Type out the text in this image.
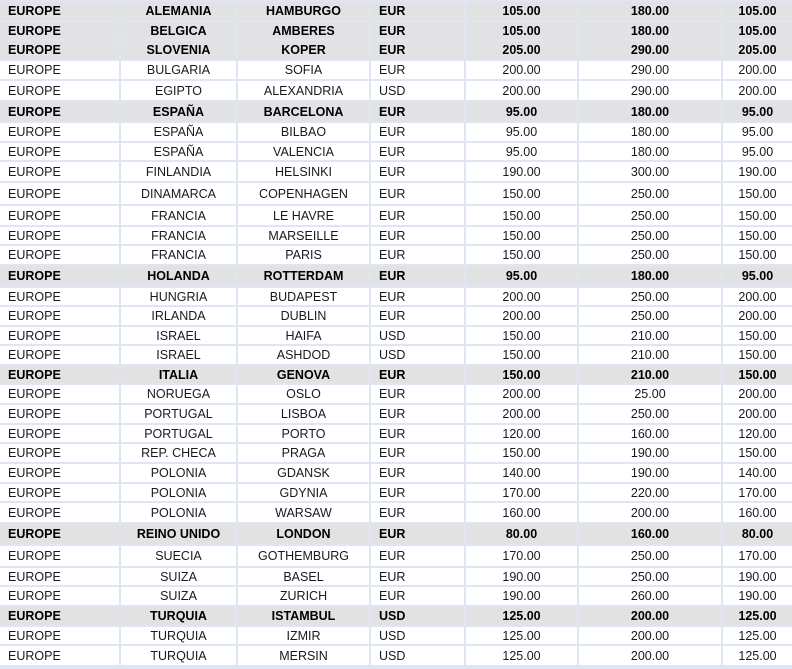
EUROPE	ALEMANIA	HAMBURGO	EUR	105.00	180.00	105.00
EUROPE	BELGICA	AMBERES	EUR	105.00	180.00	105.00
EUROPE	SLOVENIA	KOPER	EUR	205.00	290.00	205.00
EUROPE	BULGARIA	SOFIA	EUR	200.00	290.00	200.00
EUROPE	EGIPTO	ALEXANDRIA	USD	200.00	290.00	200.00
EUROPE	ESPAÑA	BARCELONA	EUR	95.00	180.00	95.00
EUROPE	ESPAÑA	BILBAO	EUR	95.00	180.00	95.00
EUROPE	ESPAÑA	VALENCIA	EUR	95.00	180.00	95.00
EUROPE	FINLANDIA	HELSINKI	EUR	190.00	300.00	190.00
EUROPE	DINAMARCA	COPENHAGEN	EUR	150.00	250.00	150.00
EUROPE	FRANCIA	LE HAVRE	EUR	150.00	250.00	150.00
EUROPE	FRANCIA	MARSEILLE	EUR	150.00	250.00	150.00
EUROPE	FRANCIA	PARIS	EUR	150.00	250.00	150.00
EUROPE	HOLANDA	ROTTERDAM	EUR	95.00	180.00	95.00
EUROPE	HUNGRIA	BUDAPEST	EUR	200.00	250.00	200.00
EUROPE	IRLANDA	DUBLIN	EUR	200.00	250.00	200.00
EUROPE	ISRAEL	HAIFA	USD	150.00	210.00	150.00
EUROPE	ISRAEL	ASHDOD	USD	150.00	210.00	150.00
EUROPE	ITALIA	GENOVA	EUR	150.00	210.00	150.00
EUROPE	NORUEGA	OSLO	EUR	200.00	25.00	200.00
EUROPE	PORTUGAL	LISBOA	EUR	200.00	250.00	200.00
EUROPE	PORTUGAL	PORTO	EUR	120.00	160.00	120.00
EUROPE	REP. CHECA	PRAGA	EUR	150.00	190.00	150.00
EUROPE	POLONIA	GDANSK	EUR	140.00	190.00	140.00
EUROPE	POLONIA	GDYNIA	EUR	170.00	220.00	170.00
EUROPE	POLONIA	WARSAW	EUR	160.00	200.00	160.00
EUROPE	REINO UNIDO	LONDON	EUR	80.00	160.00	80.00
EUROPE	SUECIA	GOTHEMBURG	EUR	170.00	250.00	170.00
EUROPE	SUIZA	BASEL	EUR	190.00	250.00	190.00
EUROPE	SUIZA	ZURICH	EUR	190.00	260.00	190.00
EUROPE	TURQUIA	ISTAMBUL	USD	125.00	200.00	125.00
EUROPE	TURQUIA	IZMIR	USD	125.00	200.00	125.00
EUROPE	TURQUIA	MERSIN	USD	125.00	200.00	125.00
